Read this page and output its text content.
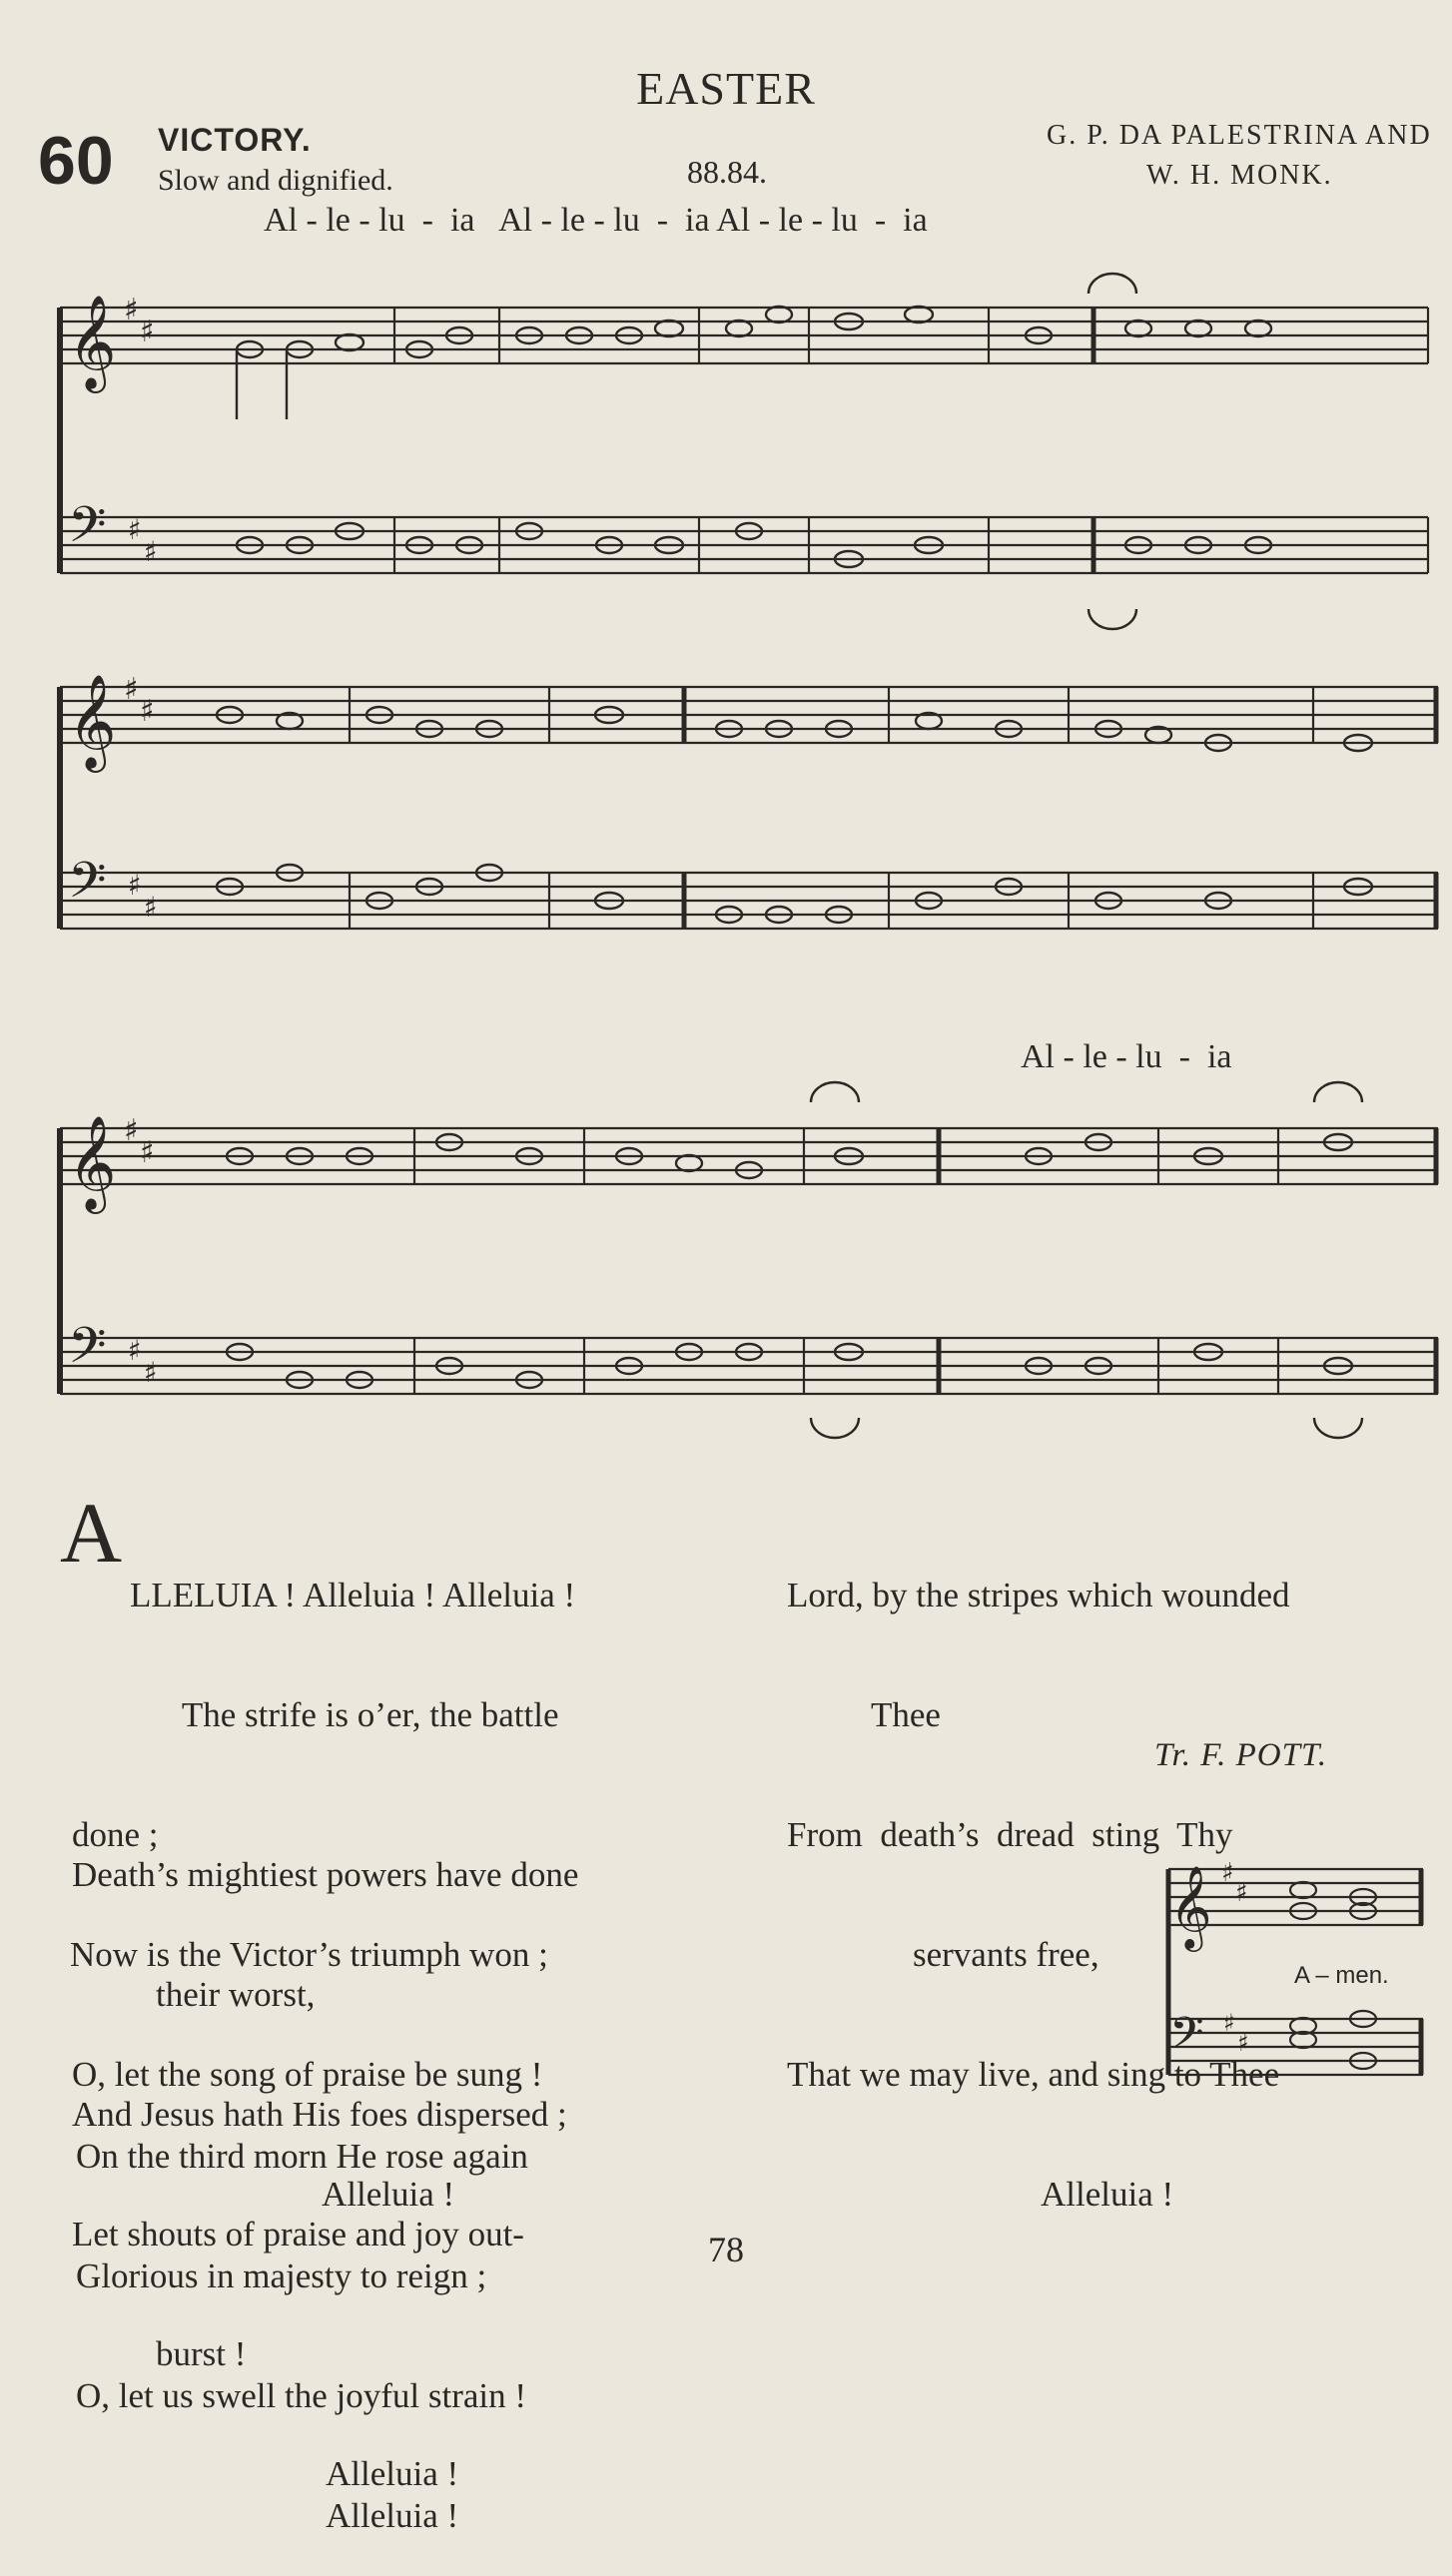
EASTER
60 VICTORY.
Slow and dignified.	88.84.
G. P. DA PALESTRINA AND
W. H. MONK.
Al - le - lu  -  ia   Al - le - lu  -  ia Al - le - lu  -  ia
Al - le - lu  -  ia
𝄞
𝄢
𝄞
𝄢
𝄞
𝄢
♯
♯
♯
♯
♯
♯
♯
♯
♯
♯
♯
♯
𝄞
𝄢
♯
♯
♯
♯
A – men.
A

LLELUIA ! Alleluia ! Alleluia !

The strife is o’er, the battle

done ;

Now is the Victor’s triumph won ;

O, let the song of praise be sung !

Alleluia !

Death’s mightiest powers have done

their worst,

And Jesus hath His foes dispersed ;

Let shouts of praise and joy out-

burst !

Alleluia !

On the third morn He rose again

Glorious in majesty to reign ;

O, let us swell the joyful strain !

Alleluia !

Lord, by the stripes which wounded

Thee

From  death’s  dread  sting  Thy

servants free,

That we may live, and sing to Thee

Alleluia !

Tr. F. POTT.
78
